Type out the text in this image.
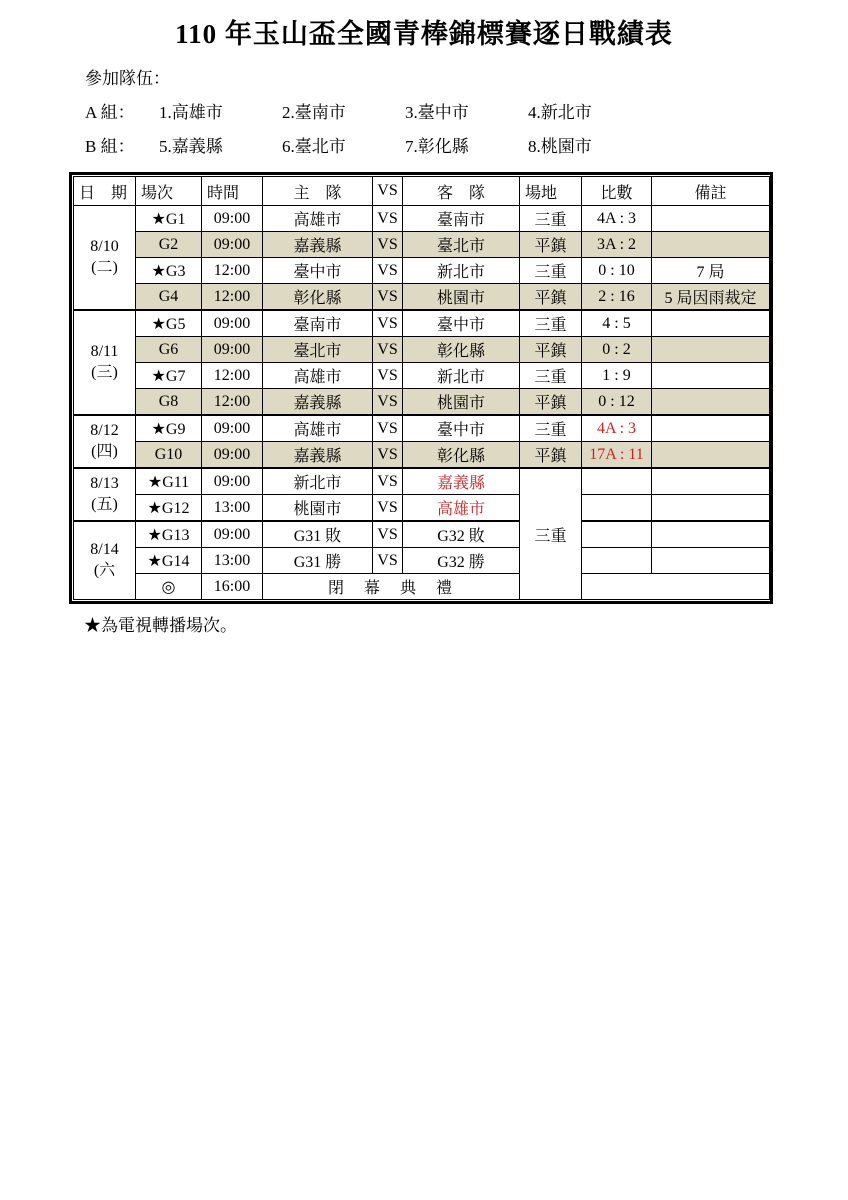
110 年玉山盃全國青棒錦標賽逐日戰績表
參加隊伍：
A 組：	1.高雄市	2.臺南市	3.臺中市	4.新北市
B 組：	5.嘉義縣	6.臺北市	7.彰化縣	8.桃園市
日　期	場次	時間	主　隊	VS	客　隊	場地	比數	備註
8/10
(二)	★G1	09:00	高雄市	VS	臺南市	三重	4A : 3	
	G2	09:00	嘉義縣	VS	臺北市	平鎮	3A : 2	
	★G3	12:00	臺中市	VS	新北市	三重	0 : 10	7 局
	G4	12:00	彰化縣	VS	桃園市	平鎮	2 : 16	5 局因雨裁定
8/11
(三)	★G5	09:00	臺南市	VS	臺中市	三重	4 : 5	
	G6	09:00	臺北市	VS	彰化縣	平鎮	0 : 2	
	★G7	12:00	高雄市	VS	新北市	三重	1 : 9	
	G8	12:00	嘉義縣	VS	桃園市	平鎮	0 : 12	
8/12
(四)	★G9	09:00	高雄市	VS	臺中市	三重	4A : 3	
	G10	09:00	嘉義縣	VS	彰化縣	平鎮	17A : 11	
8/13
(五)	★G11	09:00	新北市	VS	嘉義縣	三重		
	★G12	13:00	桃園市	VS	高雄市			
8/14
(六	★G13	09:00	G31 敗	VS	G32 敗			
	★G14	13:00	G31 勝	VS	G32 勝			
	◎	16:00	閉　幕　典　禮					
★為電視轉播場次。
